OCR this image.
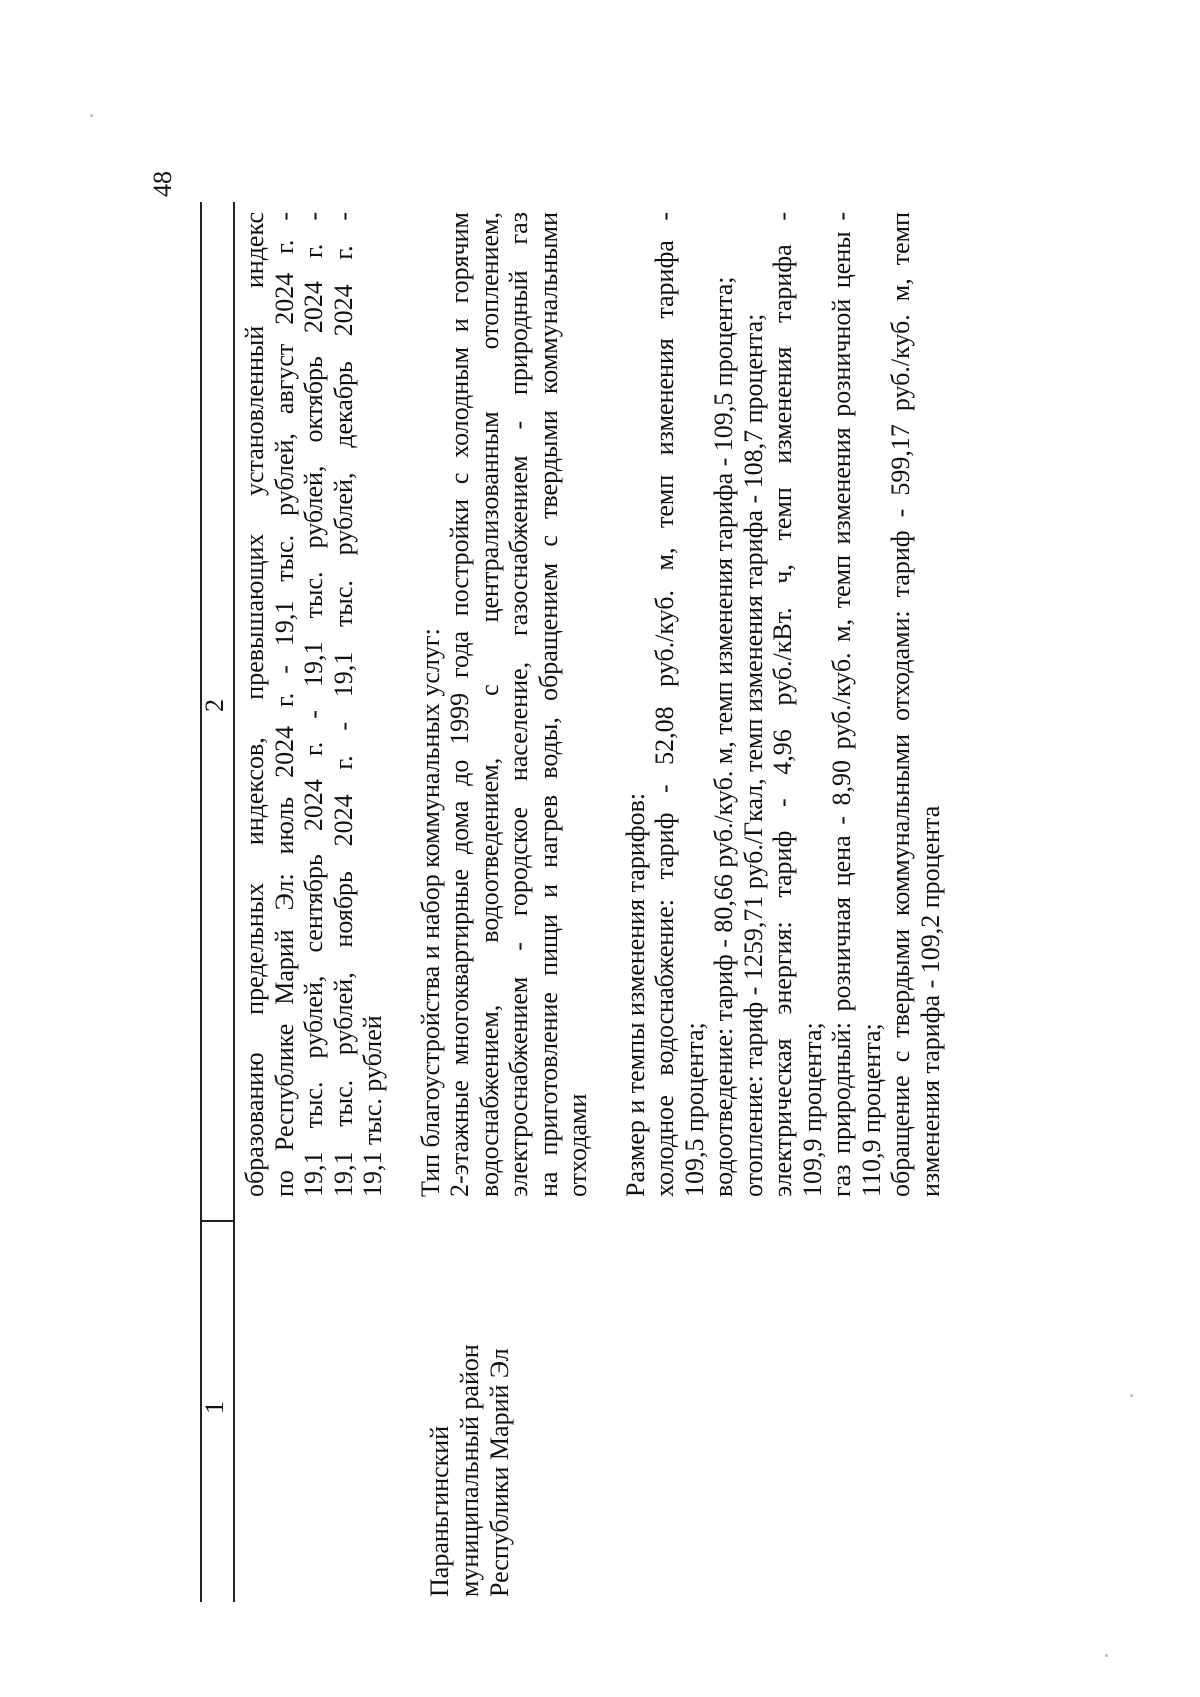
48
1
2
Параньгинский муниципальный район Республики Марий Эл
образованию предельных индексов, превышающих установленный индекс по Республике Марий Эл: июль 2024 г. - 19,1 тыс. рублей, август 2024 г. - 19,1 тыс. рублей, сентябрь 2024 г. - 19,1 тыс. рублей, октябрь 2024 г. - 19,1 тыс. рублей, ноябрь 2024 г. - 19,1 тыс. рублей, декабрь 2024 г. - 19,1 тыс. рублей Тип благоустройства и набор коммунальных услуг: 2-этажные многоквартирные дома до 1999 года постройки с холодным и горячим водоснабжением, водоотведением, с централизованным отоплением, электроснабжением - городское население, газоснабжением - природный газ на приготовление пищи и нагрев воды, обращением с твердыми коммунальными отходами Размер и темпы изменения тарифов: холодное водоснабжение: тариф - 52,08 руб./куб. м, темп изменения тарифа - 109,5 процента; водоотведение: тариф - 80,66 руб./куб. м, темп изменения тарифа - 109,5 процента; отопление: тариф - 1259,71 руб./Гкал, темп изменения тарифа - 108,7 процента; электрическая энергия: тариф - 4,96 руб./кВт. ч, темп изменения тарифа - 109,9 процента; газ природный: розничная цена - 8,90 руб./куб. м, темп изменения розничной цены - 110,9 процента; обращение с твердыми коммунальными отходами: тариф - 599,17 руб./куб. м, темп изменения тарифа - 109,2 процента
